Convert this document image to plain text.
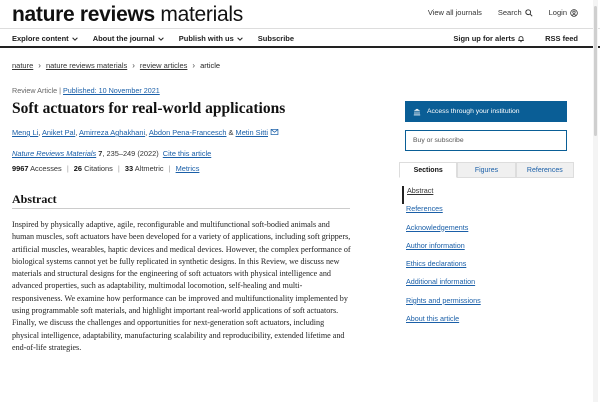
nature reviews materials	View all journals Search	Login
Explore content	About the journal	Publish with us	Subscribe	Sign up for alerts	RSS feed
nature › nature reviews materials › review articles › article
Review Article | Published: 10 November 2021
Soft actuators for real-world applications
Meng Li, Aniket Pal, Amirreza Aghakhani, Abdon Pena-Francesch & Metin Sitti
Nature Reviews Materials 7, 235–249 (2022) Cite this article
9967 Accesses | 26 Citations | 33 Altmetric | Metrics
Abstract

Inspired by physically adaptive, agile, reconfigurable and multifunctional soft-bodied animals and human muscles, soft actuators have been developed for a variety of applications, including soft grippers, artificial muscles, wearables, haptic devices and medical devices. However, the complex performance of biological systems cannot yet be fully replicated in synthetic designs. In this Review, we discuss new materials and structural designs for the engineering of soft actuators with physical intelligence and advanced properties, such as adaptability, multimodal locomotion, self-healing and multi-responsiveness. We examine how performance can be improved and multifunctionality implemented by using programmable soft materials, and highlight important real-world applications of soft actuators. Finally, we discuss the challenges and opportunities for next-generation soft actuators, including physical intelligence, adaptability, manufacturing scalability and reproducibility, extended lifetime and end-of-life strategies.

Access through your institution
Buy or subscribe
Sections	Figures	References
Abstract
References
Acknowledgements
Author information
Ethics declarations
Additional information
Rights and permissions
About this article
